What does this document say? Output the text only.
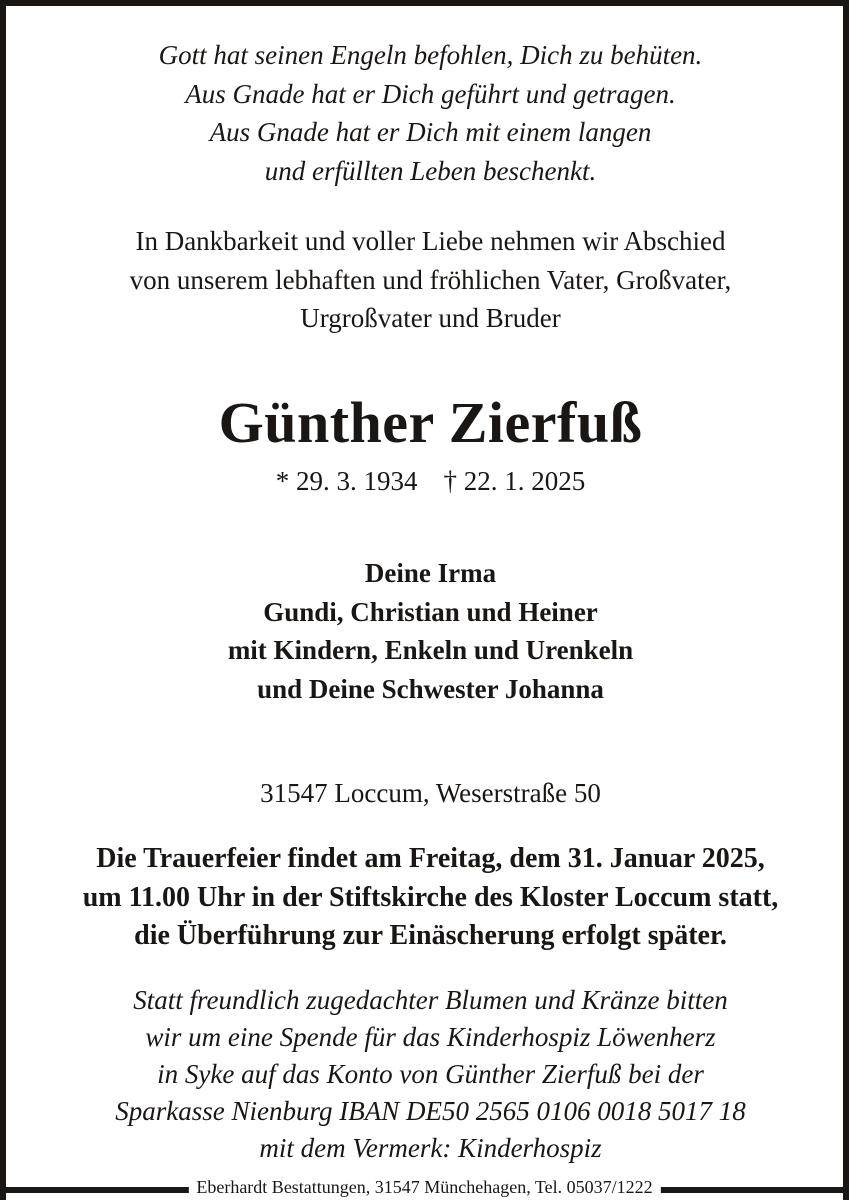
Gott hat seinen Engeln befohlen, Dich zu behüten.
Aus Gnade hat er Dich geführt und getragen.
Aus Gnade hat er Dich mit einem langen
und erfüllten Leben beschenkt.
In Dankbarkeit und voller Liebe nehmen wir Abschied
von unserem lebhaften und fröhlichen Vater, Großvater,
Urgroßvater und Bruder
Günther Zierfuß
* 29. 3. 1934 † 22. 1. 2025
Deine Irma
Gundi, Christian und Heiner
mit Kindern, Enkeln und Urenkeln
und Deine Schwester Johanna
31547 Loccum, Weserstraße 50
Die Trauerfeier findet am Freitag, dem 31. Januar 2025,
um 11.00 Uhr in der Stiftskirche des Kloster Loccum statt,
die Überführung zur Einäscherung erfolgt später.
Statt freundlich zugedachter Blumen und Kränze bitten
wir um eine Spende für das Kinderhospiz Löwenherz
in Syke auf das Konto von Günther Zierfuß bei der
Sparkasse Nienburg IBAN DE50 2565 0106 0018 5017 18
mit dem Vermerk: Kinderhospiz
Eberhardt Bestattungen, 31547 Münchehagen, Tel. 05037/1222
